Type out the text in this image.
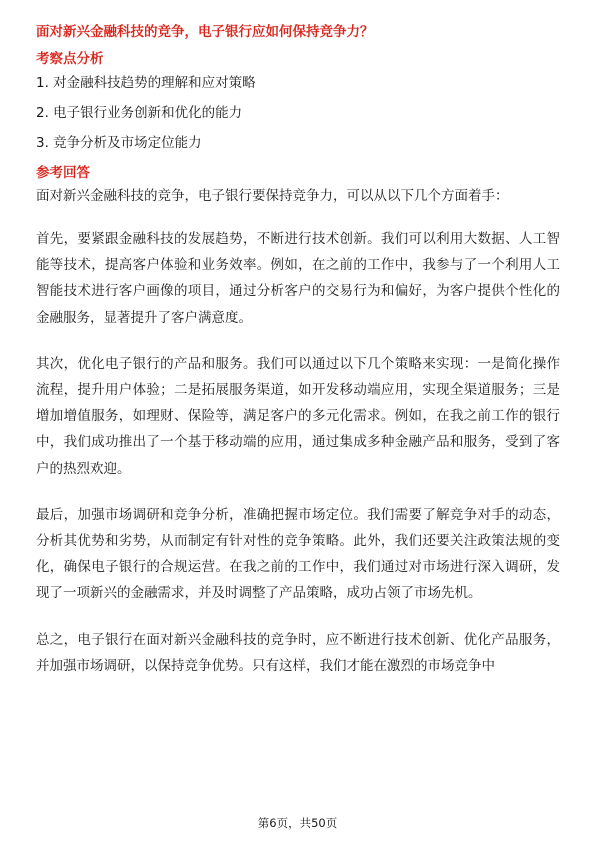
面对新兴金融科技的竞争，电子银行应如何保持竞争力？
考察点分析
1. 对金融科技趋势的理解和应对策略
2. 电子银行业务创新和优化的能力
3. 竞争分析及市场定位能力
参考回答

面对新兴金融科技的竞争，电子银行要保持竞争力，可以从以下几个方面着手：

首先，要紧跟金融科技的发展趋势，不断进行技术创新。我们可以利用大数据、人工智能等技术，提高客户体验和业务效率。例如，在之前的工作中，我参与了一个利用人工智能技术进行客户画像的项目，通过分析客户的交易行为和偏好，为客户提供个性化的金融服务，显著提升了客户满意度。

其次，优化电子银行的产品和服务。我们可以通过以下几个策略来实现：一是简化操作流程，提升用户体验；二是拓展服务渠道，如开发移动端应用，实现全渠道服务；三是增加增值服务，如理财、保险等，满足客户的多元化需求。例如，在我之前工作的银行中，我们成功推出了一个基于移动端的应用，通过集成多种金融产品和服务，受到了客户的热烈欢迎。

最后，加强市场调研和竞争分析，准确把握市场定位。我们需要了解竞争对手的动态，分析其优势和劣势，从而制定有针对性的竞争策略。此外，我们还要关注政策法规的变化，确保电子银行的合规运营。在我之前的工作中，我们通过对市场进行深入调研，发现了一项新兴的金融需求，并及时调整了产品策略，成功占领了市场先机。

总之，电子银行在面对新兴金融科技的竞争时，应不断进行技术创新、优化产品服务，并加强市场调研，以保持竞争优势。只有这样，我们才能在激烈的市场竞争中

第6页，共50页
